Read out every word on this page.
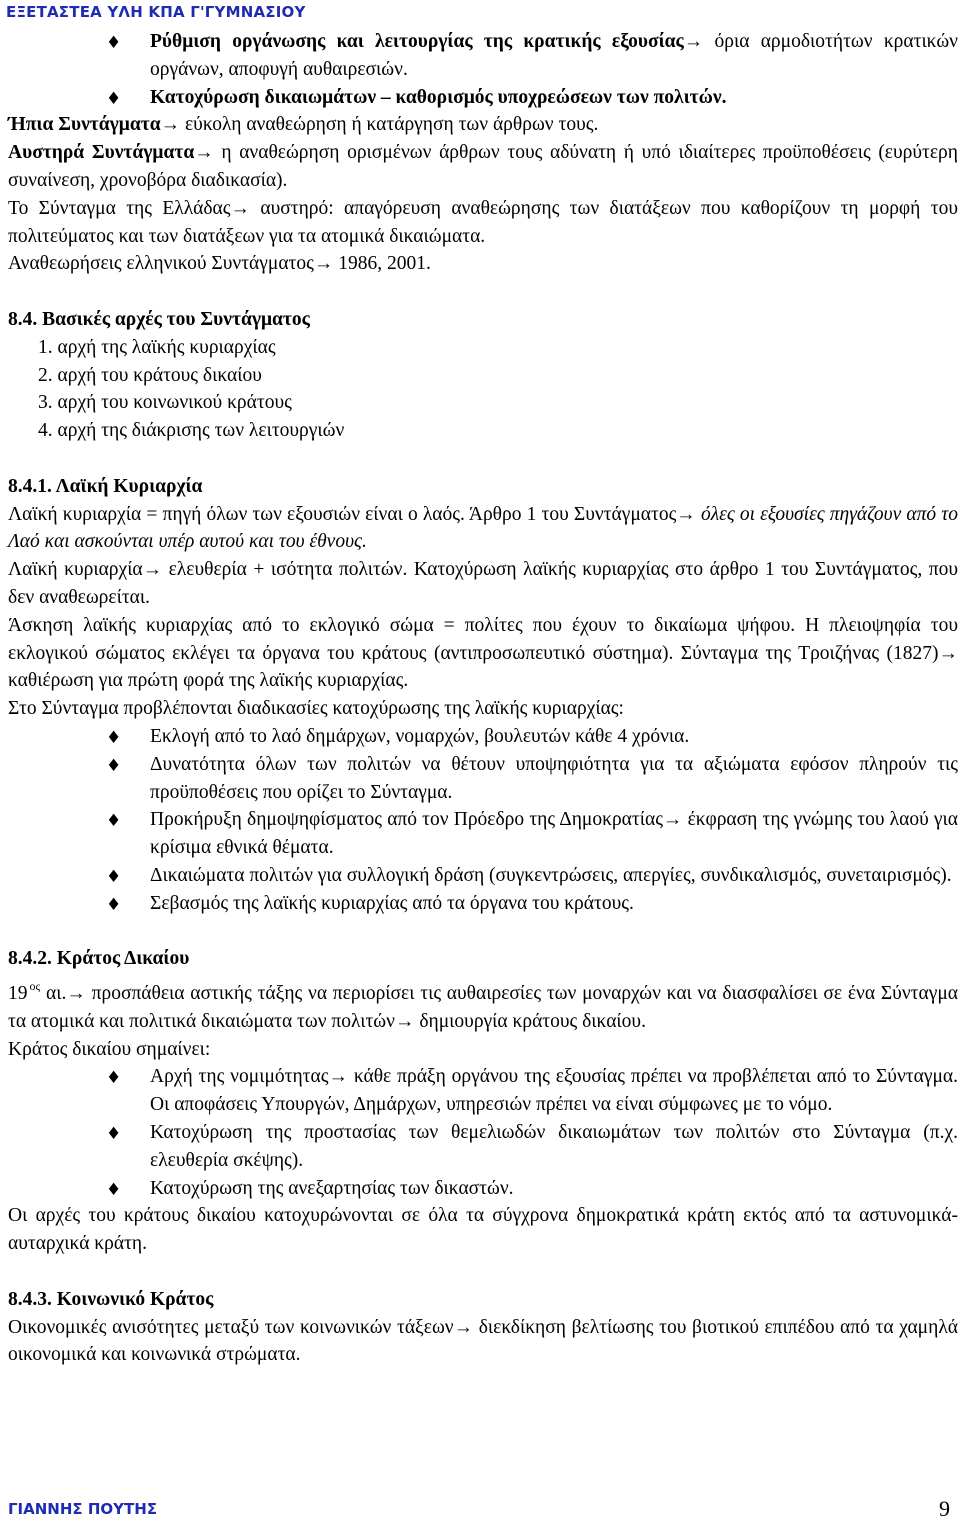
ΕΞΕΤΑΣΤΕΑ ΥΛΗ ΚΠΑ Γ'ΓΥΜΝΑΣΙΟΥ
♦ Ρύθμιση οργάνωσης και λειτουργίας της κρατικής εξουσίας→ όρια αρμοδιοτήτων κρατικών οργάνων, αποφυγή αυθαιρεσιών.
♦ Κατοχύρωση δικαιωμάτων – καθορισμός υποχρεώσεων των πολιτών.

Ήπια Συντάγματα→ εύκολη αναθεώρηση ή κατάργηση των άρθρων τους.

Αυστηρά Συντάγματα→ η αναθεώρηση ορισμένων άρθρων τους αδύνατη ή υπό ιδιαίτερες προϋποθέσεις (ευρύτερη συναίνεση, χρονοβόρα διαδικασία).

Το Σύνταγμα της Ελλάδας→ αυστηρό: απαγόρευση αναθεώρησης των διατάξεων που καθορίζουν τη μορφή του πολιτεύματος και των διατάξεων για τα ατομικά δικαιώματα.

Αναθεωρήσεις ελληνικού Συντάγματος→ 1986, 2001.

8.4. Βασικές αρχές του Συντάγματος

1. αρχή της λαϊκής κυριαρχίας
2. αρχή του κράτους δικαίου
3. αρχή του κοινωνικού κράτους
4. αρχή της διάκρισης των λειτουργιών

8.4.1. Λαϊκή Κυριαρχία

Λαϊκή κυριαρχία = πηγή όλων των εξουσιών είναι ο λαός. Άρθρο 1 του Συντάγματος→ όλες οι εξουσίες πηγάζουν από το Λαό και ασκούνται υπέρ αυτού και του έθνους.

Λαϊκή κυριαρχία→ ελευθερία + ισότητα πολιτών. Κατοχύρωση λαϊκής κυριαρχίας στο άρθρο 1 του Συντάγματος, που δεν αναθεωρείται.

Άσκηση λαϊκής κυριαρχίας από το εκλογικό σώμα = πολίτες που έχουν το δικαίωμα ψήφου. Η πλειοψηφία του εκλογικού σώματος εκλέγει τα όργανα του κράτους (αντιπροσωπευτικό σύστημα). Σύνταγμα της Τροιζήνας (1827)→ καθιέρωση για πρώτη φορά της λαϊκής κυριαρχίας.

Στο Σύνταγμα προβλέπονται διαδικασίες κατοχύρωσης της λαϊκής κυριαρχίας:

♦ Εκλογή από το λαό δημάρχων, νομαρχών, βουλευτών κάθε 4 χρόνια.
♦ Δυνατότητα όλων των πολιτών να θέτουν υποψηφιότητα για τα αξιώματα εφόσον πληρούν τις προϋποθέσεις που ορίζει το Σύνταγμα.
♦ Προκήρυξη δημοψηφίσματος από τον Πρόεδρο της Δημοκρατίας→ έκφραση της γνώμης του λαού για κρίσιμα εθνικά θέματα.
♦ Δικαιώματα πολιτών για συλλογική δράση (συγκεντρώσεις, απεργίες, συνδικαλισμός, συνεταιρισμός).
♦ Σεβασμός της λαϊκής κυριαρχίας από τα όργανα του κράτους.

8.4.2. Κράτος Δικαίου

19 $^{o\varsigma}$ αι.→ προσπάθεια αστικής τάξης να περιορίσει τις αυθαιρεσίες των μοναρχών και να διασφαλίσει σε ένα Σύνταγμα τα ατομικά και πολιτικά δικαιώματα των πολιτών→ δημιουργία κράτους δικαίου.

Κράτος δικαίου σημαίνει:

♦ Αρχή της νομιμότητας→ κάθε πράξη οργάνου της εξουσίας πρέπει να προβλέπεται από το Σύνταγμα. Οι αποφάσεις Υπουργών, Δημάρχων, υπηρεσιών πρέπει να είναι σύμφωνες με το νόμο.
♦ Κατοχύρωση της προστασίας των θεμελιωδών δικαιωμάτων των πολιτών στο Σύνταγμα (π.χ. ελευθερία σκέψης).
♦ Κατοχύρωση της ανεξαρτησίας των δικαστών.

Οι αρχές του κράτους δικαίου κατοχυρώνονται σε όλα τα σύγχρονα δημοκρατικά κράτη εκτός από τα αστυνομικά-αυταρχικά κράτη.

8.4.3. Κοινωνικό Κράτος

Οικονομικές ανισότητες μεταξύ των κοινωνικών τάξεων→ διεκδίκηση βελτίωσης του βιοτικού επιπέδου από τα χαμηλά οικονομικά και κοινωνικά στρώματα.

ΓΙΑΝΝΗΣ ΠΟΥΤΗΣ	9
